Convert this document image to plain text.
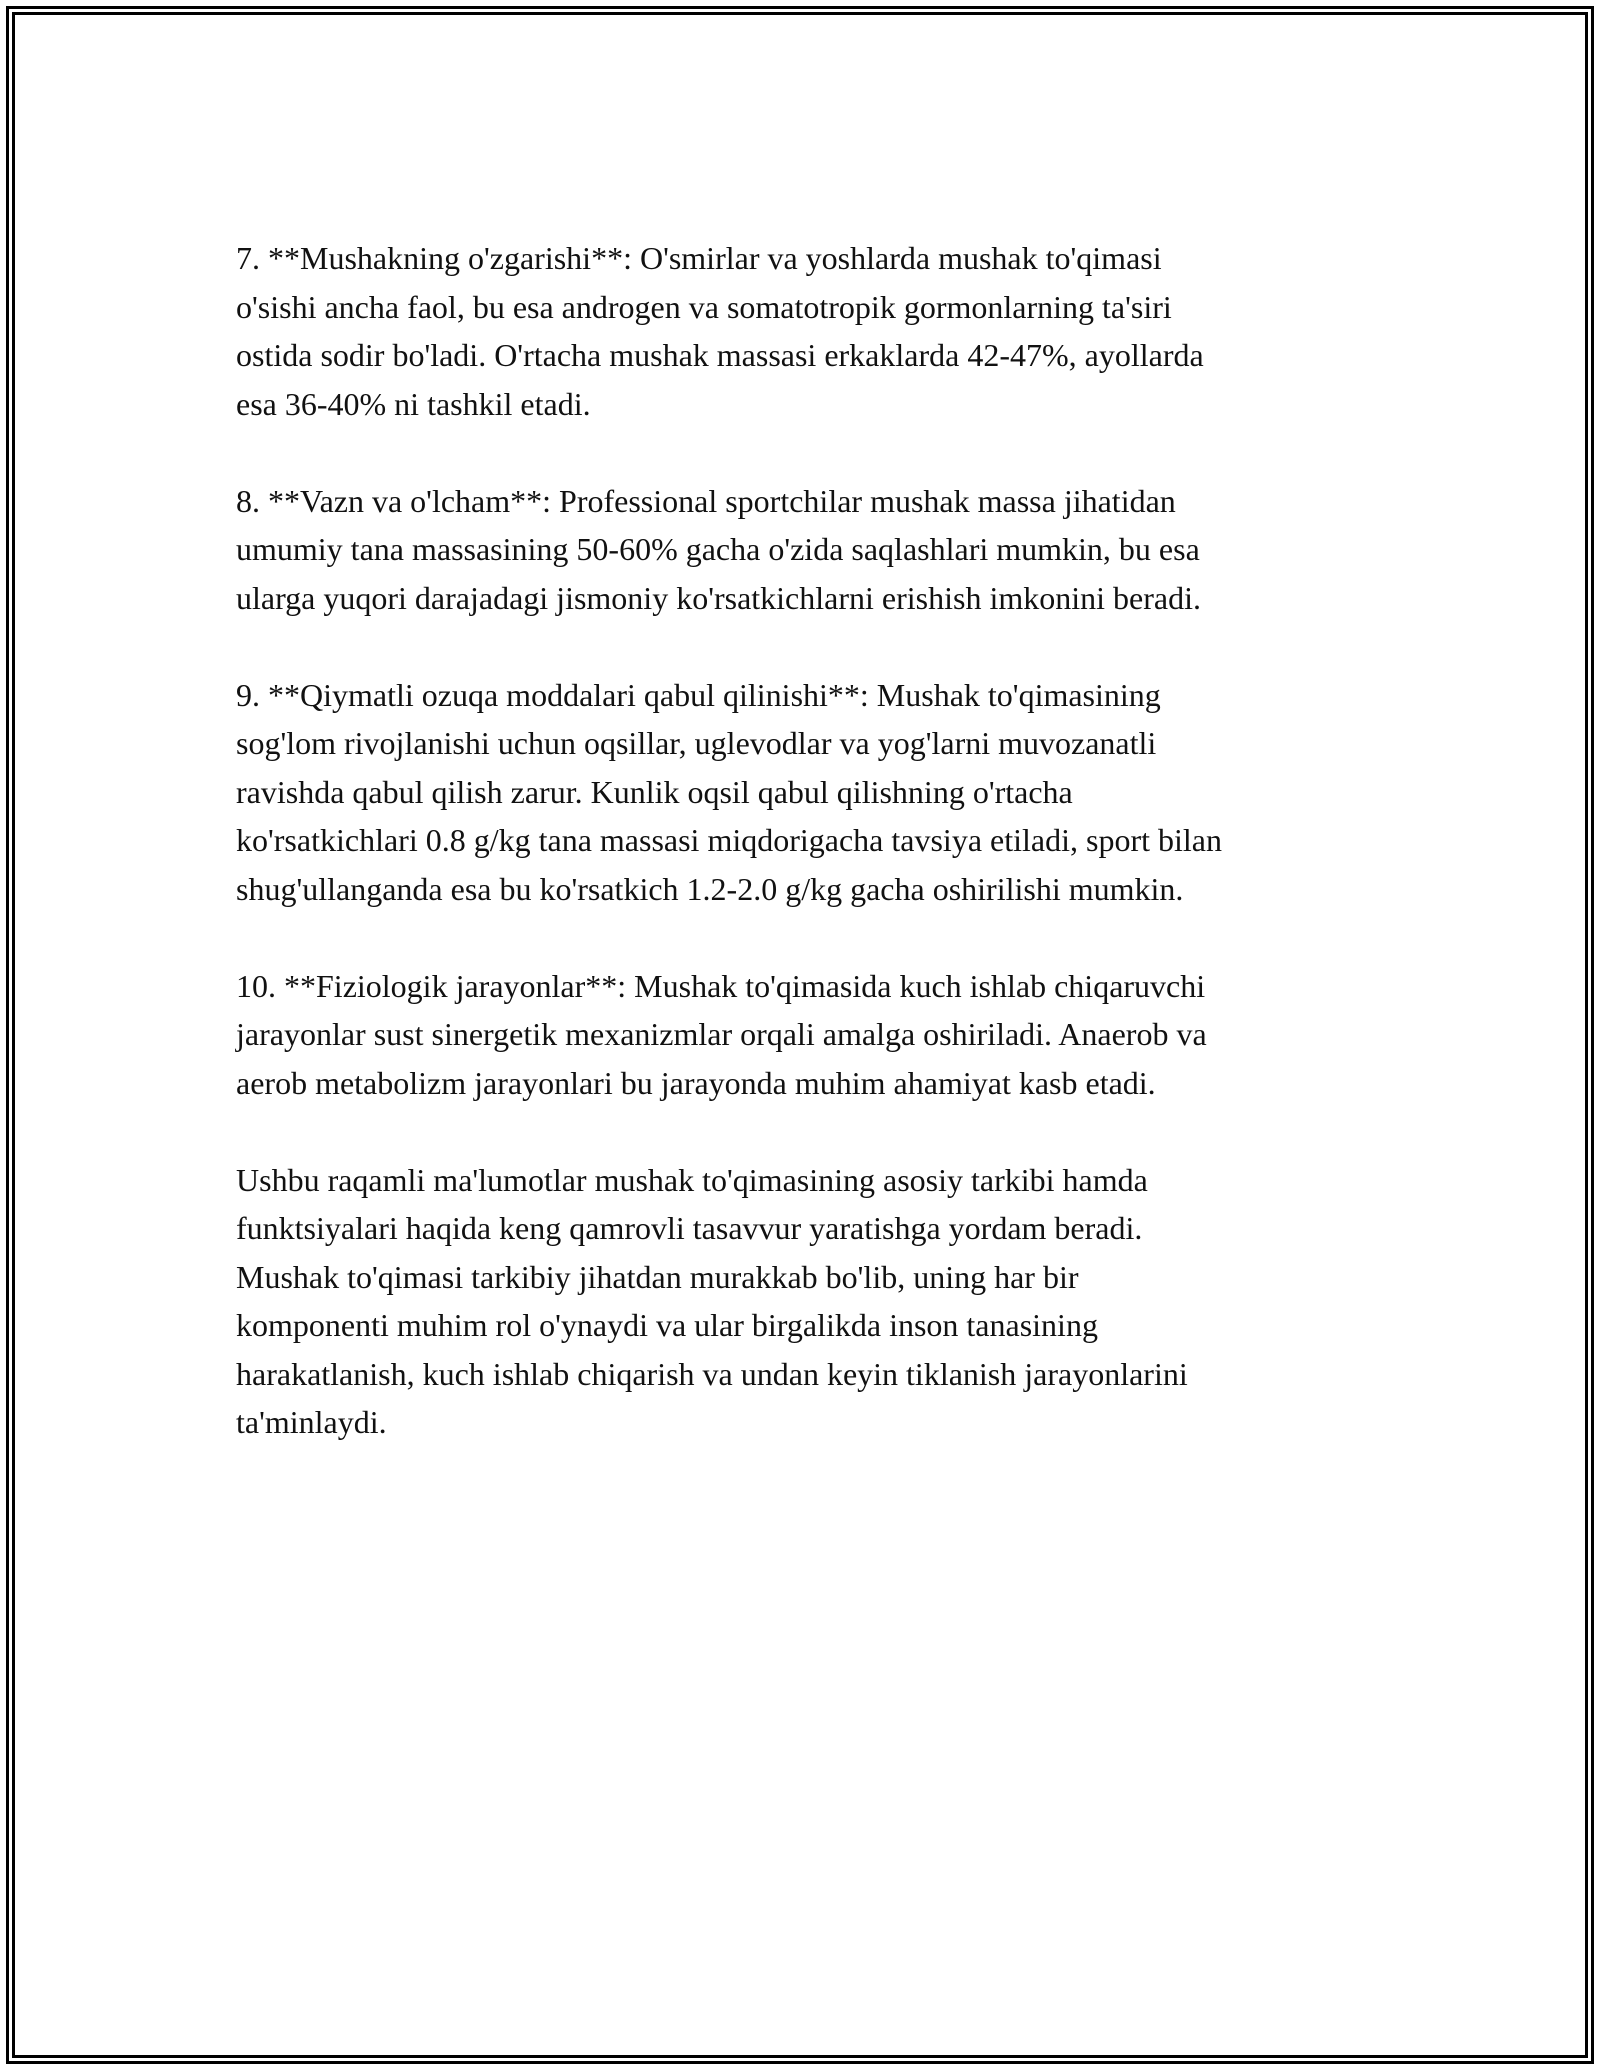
7. **Mushakning o'zgarishi**: O'smirlar va yoshlarda mushak to'qimasi
o'sishi ancha faol, bu esa androgen va somatotropik gormonlarning ta'siri
ostida sodir bo'ladi. O'rtacha mushak massasi erkaklarda 42-47%, ayollarda
esa 36-40% ni tashkil etadi.

8. **Vazn va o'lcham**: Professional sportchilar mushak massa jihatidan
umumiy tana massasining 50-60% gacha o'zida saqlashlari mumkin, bu esa
ularga yuqori darajadagi jismoniy ko'rsatkichlarni erishish imkonini beradi.

9. **Qiymatli ozuqa moddalari qabul qilinishi**: Mushak to'qimasining
sog'lom rivojlanishi uchun oqsillar, uglevodlar va yog'larni muvozanatli
ravishda qabul qilish zarur. Kunlik oqsil qabul qilishning o'rtacha
ko'rsatkichlari 0.8 g/kg tana massasi miqdorigacha tavsiya etiladi, sport bilan
shug'ullanganda esa bu ko'rsatkich 1.2-2.0 g/kg gacha oshirilishi mumkin.

10. **Fiziologik jarayonlar**: Mushak to'qimasida kuch ishlab chiqaruvchi
jarayonlar sust sinergetik mexanizmlar orqali amalga oshiriladi. Anaerob va
aerob metabolizm jarayonlari bu jarayonda muhim ahamiyat kasb etadi.

Ushbu raqamli ma'lumotlar mushak to'qimasining asosiy tarkibi hamda
funktsiyalari haqida keng qamrovli tasavvur yaratishga yordam beradi.
Mushak to'qimasi tarkibiy jihatdan murakkab bo'lib, uning har bir
komponenti muhim rol o'ynaydi va ular birgalikda inson tanasining
harakatlanish, kuch ishlab chiqarish va undan keyin tiklanish jarayonlarini
ta'minlaydi.
